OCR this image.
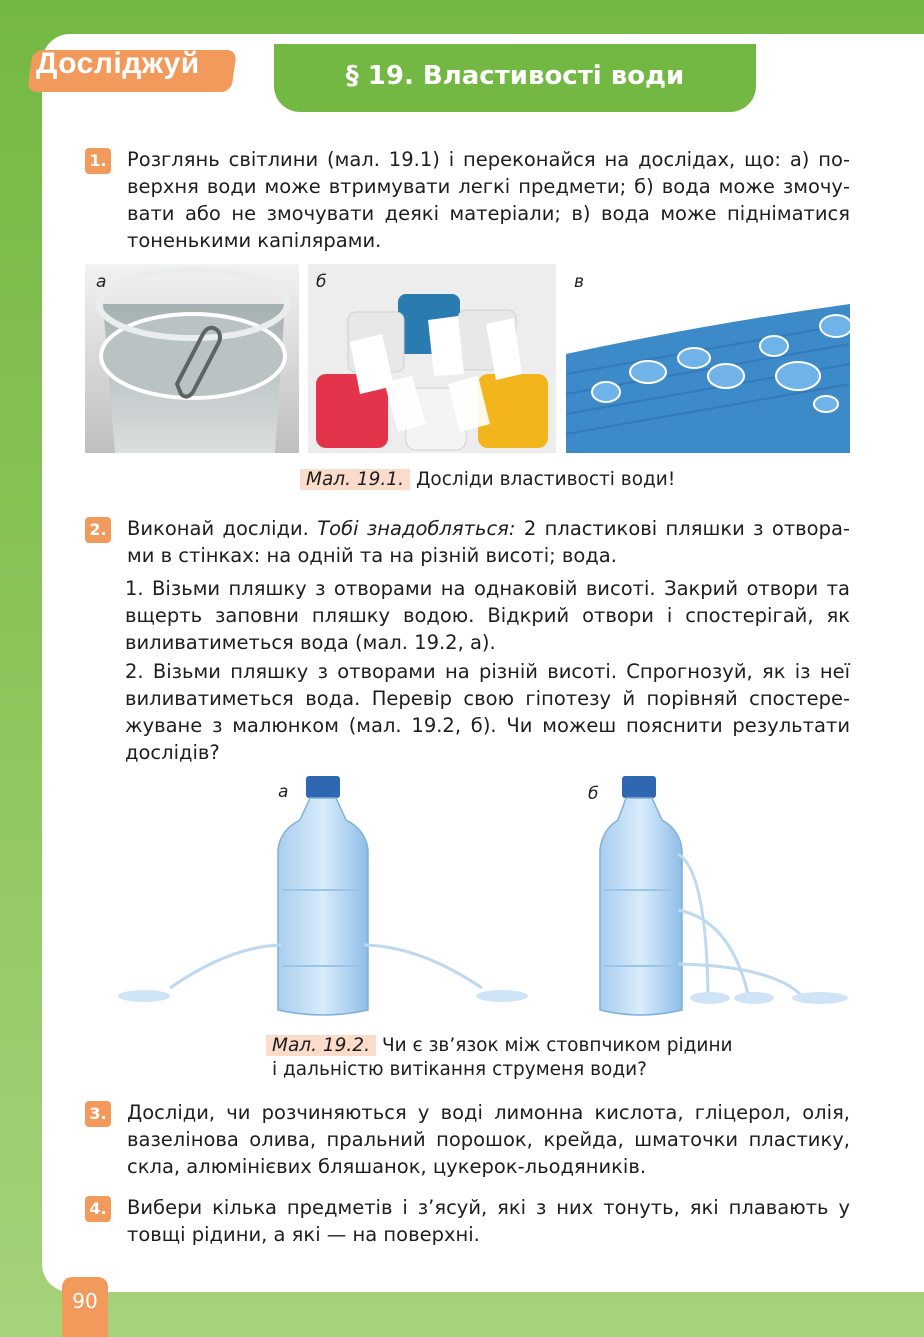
Досліджуй	§ 19. Властивості води
1. Розглянь світлини (мал. 19.1) і переконайся на дослідах, що: а) поверхня води може втримувати легкі предмети; б) вода може змочувати або не змочувати деякі матеріали; в) вода може підніматися тоненькими капілярами.
а	б	в
Мал. 19.1. Досліди властивості води!
2. Виконай досліди. Тобі знадобляться: 2 пластикові пляшки з отворами в стінках: на одній та на різній висоті; вода.
1. Візьми пляшку з отворами на однаковій висоті. Закрий отвори та вщерть заповни пляшку водою. Відкрий отвори і спостерігай, як виливатиметься вода (мал. 19.2, а).
2. Візьми пляшку з отворами на різній висоті. Спрогнозуй, як із неї виливатиметься вода. Перевір свою гіпотезу й порівняй спостережуване з малюнком (мал. 19.2, б). Чи можеш пояснити результати дослідів?
а	б
Мал. 19.2. Чи є зв’язок між стовпчиком рідини
і дальністю витікання струменя води?
3. Досліди, чи розчиняються у воді лимонна кислота, гліцерол, олія, вазелінова олива, пральний порошок, крейда, шматочки пластику, скла, алюмінієвих бляшанок, цукерок-льодяників.
4. Вибери кілька предметів і з’ясуй, які з них тонуть, які плавають у товщі рідини, а які — на поверхні.
90
